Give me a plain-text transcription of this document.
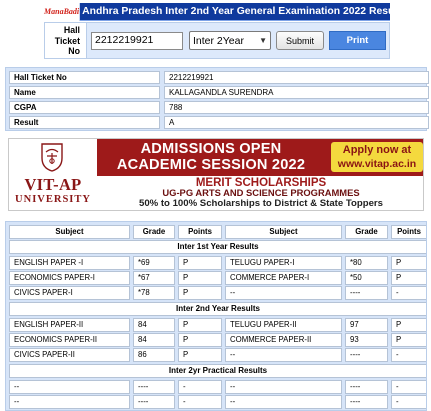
ManaBadi Andhra Pradesh Inter 2nd Year General Examination 2022 Results
Hall
Ticket
No
2212219921	Inter 2Year ▼	Submit	Print
Hall Ticket No	2212219921
Name	KALLAGANDLA SURENDRA
CGPA	788
Result	A
VIT-AP
UNIVERSITY
ADMISSIONS OPEN
ACADEMIC SESSION 2022
Apply now at
www.vitap.ac.in
MERIT SCHOLARSHIPS
UG-PG ARTS AND SCIENCE PROGRAMMES
50% to 100% Scholarships to District & State Toppers
Subject	Grade	Points	Subject	Grade	Points
Inter 1st Year Results
ENGLISH PAPER -I	*69	P	TELUGU PAPER-I	*80	P
ECONOMICS PAPER-I	*67	P	COMMERCE PAPER-I	*50	P
CIVICS PAPER-I	*78	P	--	----	-
Inter 2nd Year Results
ENGLISH PAPER-II	84	P	TELUGU PAPER-II	97	P
ECONOMICS PAPER-II	84	P	COMMERCE PAPER-II	93	P
CIVICS PAPER-II	86	P	--	----	-
Inter 2yr Practical Results
--	----	-	--	----	-
--	----	-	--	----	-
